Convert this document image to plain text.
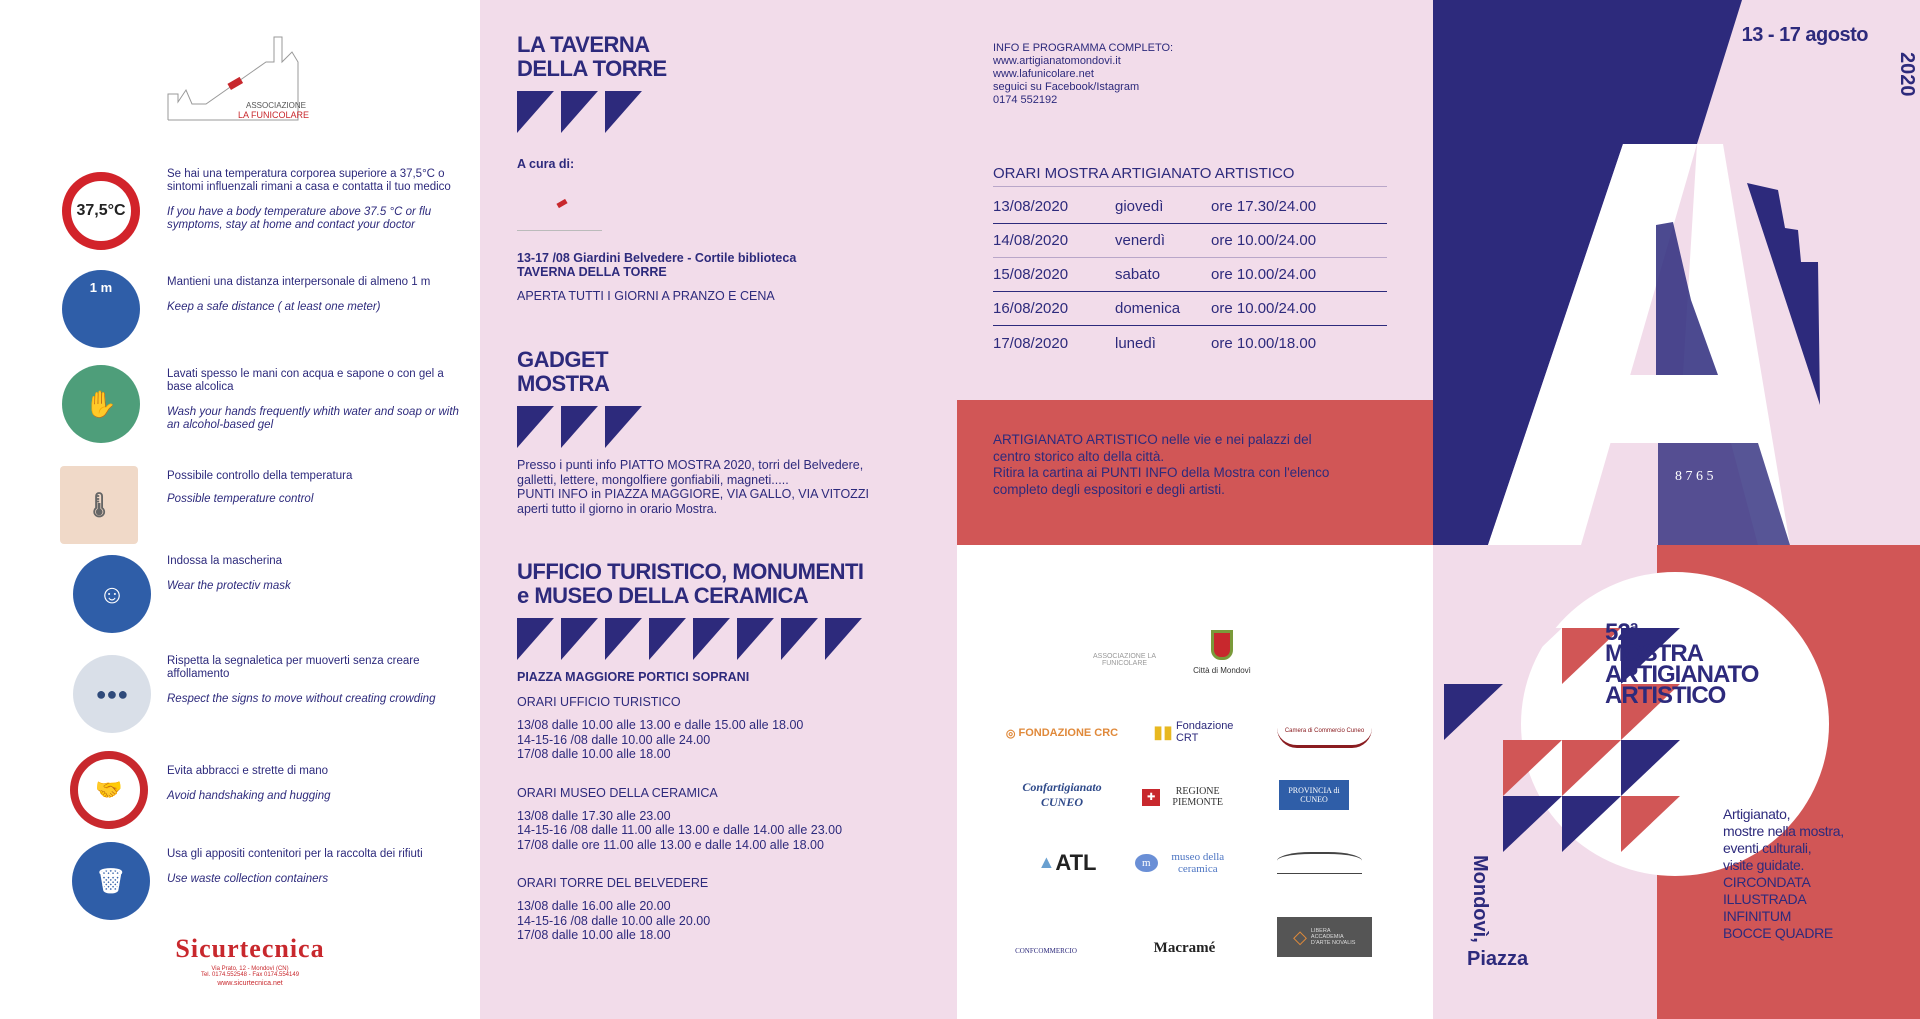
ASSOCIAZIONE
LA FUNICOLARE
37,5°C
Se hai una temperatura corporea superiore a 37,5°C o sintomi influenzali rimani a casa e contatta il tuo medico
If you have a body temperature above 37.5 °C or flu symptoms, stay at home and contact your doctor
1 m	Mantieni una distanza interpersonale di almeno 1 m
Keep a safe distance ( at least one meter)
✋
Lavati spesso le mani con acqua e sapone o con gel a base alcolica
Wash your hands frequently whith water and soap or with an alcohol-based gel
🌡
Possibile controllo della temperatura
Possible temperature control
☺
Indossa la mascherina
Wear the protectiv mask
●●●
Rispetta la segnaletica per muoverti senza creare affollamento
Respect the signs to move without creating crowding
🤝
Evita abbracci e strette di mano
Avoid handshaking and hugging
🗑
Usa gli appositi contenitori per la raccolta dei rifiuti
Use waste collection containers
Sicurtecnica
Via Prato, 12 - Mondovì (CN)
Tel. 0174.552548 - Fax 0174.554149
www.sicurtecnica.net
LA TAVERNA
DELLA TORRE
A cura di:
13-17 /08 Giardini Belvedere - Cortile biblioteca
TAVERNA DELLA TORRE
APERTA TUTTI I GIORNI A PRANZO E CENA
GADGET
MOSTRA
Presso i punti info PIATTO MOSTRA 2020, torri del Belvedere,
galletti, lettere, mongolfiere gonfiabili, magneti.....
PUNTI INFO in PIAZZA MAGGIORE, VIA GALLO, VIA VITOZZI
aperti tutto il giorno in orario Mostra.
UFFICIO TURISTICO, MONUMENTI
e MUSEO DELLA CERAMICA
PIAZZA MAGGIORE PORTICI SOPRANI
ORARI UFFICIO TURISTICO
13/08 dalle 10.00 alle 13.00 e dalle 15.00 alle 18.00
14-15-16 /08 dalle 10.00 alle 24.00
17/08 dalle 10.00 alle 18.00
ORARI MUSEO DELLA CERAMICA
13/08 dalle 17.30 alle 23.00
14-15-16 /08 dalle 11.00 alle 13.00 e dalle 14.00 alle 23.00
17/08 dalle ore 11.00 alle 13.00 e dalle 14.00 alle 18.00
ORARI TORRE DEL BELVEDERE
13/08 dalle 16.00 alle 20.00
14-15-16 /08 dalle 10.00 alle 20.00
17/08 dalle 10.00 alle 18.00
INFO E PROGRAMMA COMPLETO:
www.artigianatomondovi.it
www.lafunicolare.net
seguici su Facebook/Istagram
0174 552192
ORARI MOSTRA ARTIGIANATO ARTISTICO
13/08/2020	giovedì	ore 17.30/24.00
14/08/2020	venerdì	ore 10.00/24.00
15/08/2020	sabato	ore 10.00/24.00
16/08/2020	domenica	ore 10.00/24.00
17/08/2020	lunedì	ore 10.00/18.00
ARTIGIANATO ARTISTICO nelle vie e nei palazzi del
centro storico alto della città.
Ritira la cartina ai PUNTI INFO della Mostra con l'elenco
completo degli espositori e degli artisti.
ASSOCIAZIONE LA FUNICOLARE
Città di Mondovì
◎ FONDAZIONE CRC ▮▮
Fondazione CRT
Camera di Commercio Cuneo
Confartigianato CUNEO	✚	REGIONE PIEMONTE
PROVINCIA di CUNEO
▲ ATL	m	museo della ceramica
CONFCOMMERCIO	Macramé
◇ LIBERA ACCADEMIA D'ARTE NOVALIS
8 7 6 5
13 - 17 agosto
2020
52ª
MOSTRA
ARTIGIANATO
ARTISTICO
Artigianato,
mostre nella mostra,
eventi culturali,
visite guidate.
CIRCONDATA
ILLUSTRADA
INFINITUM
BOCCE QUADRE
Mondovì,
Piazza
